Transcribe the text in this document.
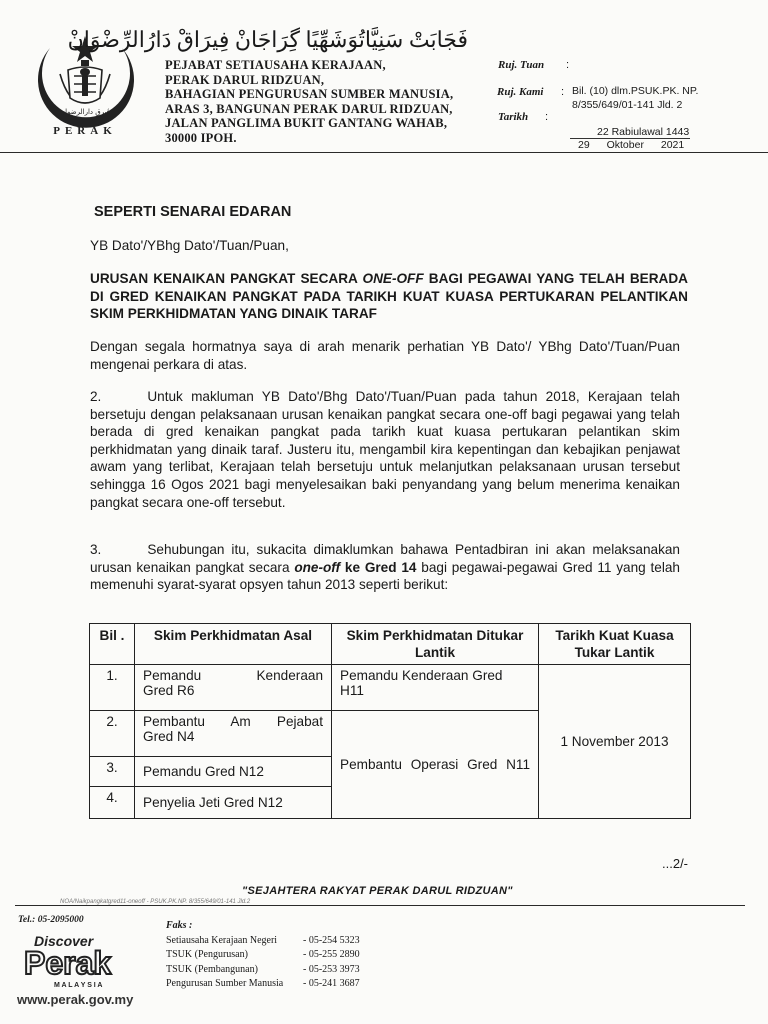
ڤيرق دارالرضوان
PERAK
فَجَابَتْ سَنِيَّاتُوَشَهِّيًا گِرَاجَانْ فِيرَاقْ دَارُالرِّضْوَانْ
PEJABAT SETIAUSAHA KERAJAAN,
PERAK DARUL RIDZUAN,
BAHAGIAN PENGURUSAN SUMBER MANUSIA,
ARAS 3, BANGUNAN PERAK DARUL RIDZUAN,
JALAN PANGLIMA BUKIT GANTANG WAHAB,
30000 IPOH.
Ruj. Tuan :
Ruj. Kami : Bil. (10) dlm.PSUK.PK. NP.
8/355/649/01-141 Jld. 2
Tarikh :
22 Rabiulawal 1443
29 Oktober 2021
SEPERTI SENARAI EDARAN
YB Dato'/YBhg Dato'/Tuan/Puan,
URUSAN KENAIKAN PANGKAT SECARA ONE-OFF BAGI PEGAWAI YANG TELAH BERADA DI GRED KENAIKAN PANGKAT PADA TARIKH KUAT KUASA PERTUKARAN PELANTIKAN SKIM PERKHIDMATAN YANG DINAIK TARAF
Dengan segala hormatnya saya di arah menarik perhatian YB Dato'/ YBhg Dato'/Tuan/Puan mengenai perkara di atas.
2.	Untuk makluman YB Dato'/Bhg Dato'/Tuan/Puan pada tahun 2018, Kerajaan telah bersetuju dengan pelaksanaan urusan kenaikan pangkat secara one-off bagi pegawai yang telah berada di gred kenaikan pangkat pada tarikh kuat kuasa pertukaran pelantikan skim perkhidmatan yang dinaik taraf. Justeru itu, mengambil kira kepentingan dan kebajikan penjawat awam yang terlibat, Kerajaan telah bersetuju untuk melanjutkan pelaksanaan urusan tersebut sehingga 16 Ogos 2021 bagi menyelesaikan baki penyandang yang belum menerima kenaikan pangkat secara one-off tersebut.
3.	Sehubungan itu, sukacita dimaklumkan bahawa Pentadbiran ini akan melaksanakan urusan kenaikan pangkat secara one-off ke Gred 14 bagi pegawai-pegawai Gred 11 yang telah memenuhi syarat-syarat opsyen tahun 2013 seperti berikut:
Bil .	Skim Perkhidmatan Asal	Skim Perkhidmatan Ditukar Lantik	Tarikh Kuat Kuasa Tukar Lantik
1.	Pemandu Kenderaan
Gred R6	Pemandu Kenderaan Gred H11	1 November 2013
2.	Pembantu Am Pejabat
Gred N4	Pembantu Operasi Gred N11	

3.	Pemandu Gred N12		
4.	Penyelia Jeti Gred N12		
...2/-
"SEJAHTERA RAKYAT PERAK DARUL RIDZUAN"
NOA/Naikpangkatgred11-oneoff - PSUK.PK.NP. 8/355/649/01-141 Jld.2
Tel.: 05-2095000
Discover
Perak
M A L A Y S I A
www.perak.gov.my
Faks :
Setiausaha Kerajaan Negeri	- 05-254 5323
TSUK (Pengurusan)	- 05-255 2890
TSUK (Pembangunan)	- 05-253 3973
Pengurusan Sumber Manusia	- 05-241 3687
